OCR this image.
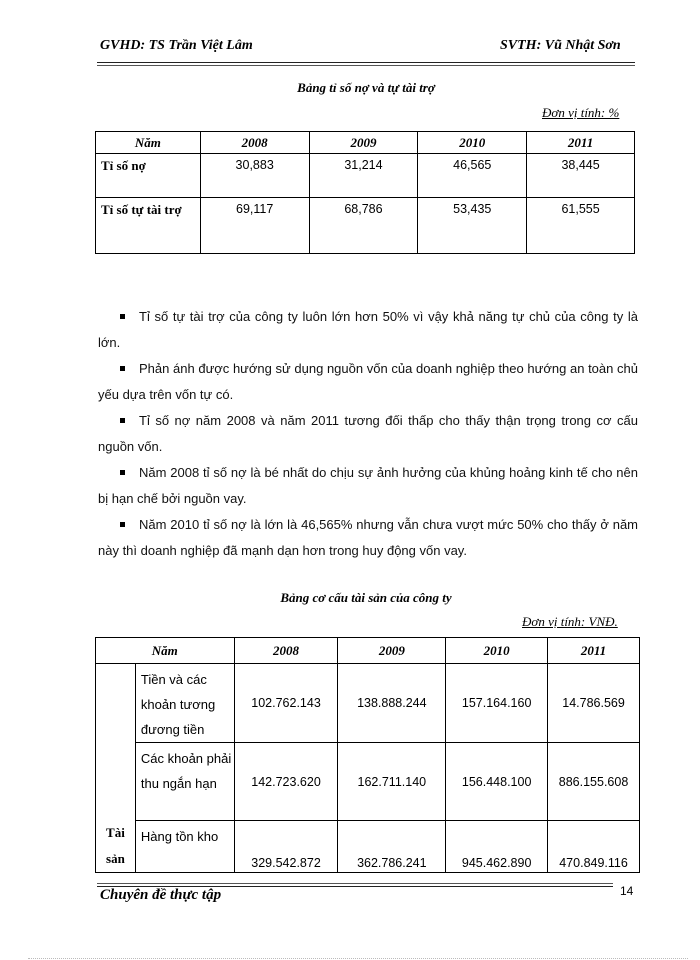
GVHD: TS Trần Việt Lâm	SVTH: Vũ Nhật Sơn
Bảng tỉ số nợ và tự tài trợ
Đơn vị tính: %
Năm	2008	2009	2010	2011
Tỉ số nợ	30,883	31,214	46,565	38,445
Tỉ số tự tài trợ	69,117	68,786	53,435	61,555

Tỉ số tự tài trợ của công ty luôn lớn hơn 50% vì vậy khả năng tự chủ của công ty là lớn.

Phản ánh được hướng sử dụng nguồn vốn của doanh nghiệp theo hướng an toàn chủ yếu dựa trên vốn tự có.

Tỉ số nợ năm 2008 và năm 2011 tương đối thấp cho thấy thận trọng trong cơ cấu nguồn vốn.

Năm 2008 tỉ số nợ là bé nhất do chịu sự ảnh hưởng của khủng hoảng kinh tế cho nên bị hạn chế bởi nguồn vay.

Năm 2010 tỉ số nợ là lớn là 46,565% nhưng vẫn chưa vượt mức 50% cho thấy ở năm này thì doanh nghiệp đã mạnh dạn hơn trong huy động vốn vay.

Bảng cơ cấu tài sản của công ty
Đơn vị tính: VNĐ.
Năm		2008	2009	2010	2011
Tài sản	Tiền và các khoản tương đương tiền	102.762.143	138.888.244	157.164.160	14.786.569
	Các khoản phải thu ngắn hạn	142.723.620	162.711.140	156.448.100	886.155.608
	Hàng tồn kho	329.542.872	362.786.241	945.462.890	470.849.116
Chuyên đề thực tập	14
